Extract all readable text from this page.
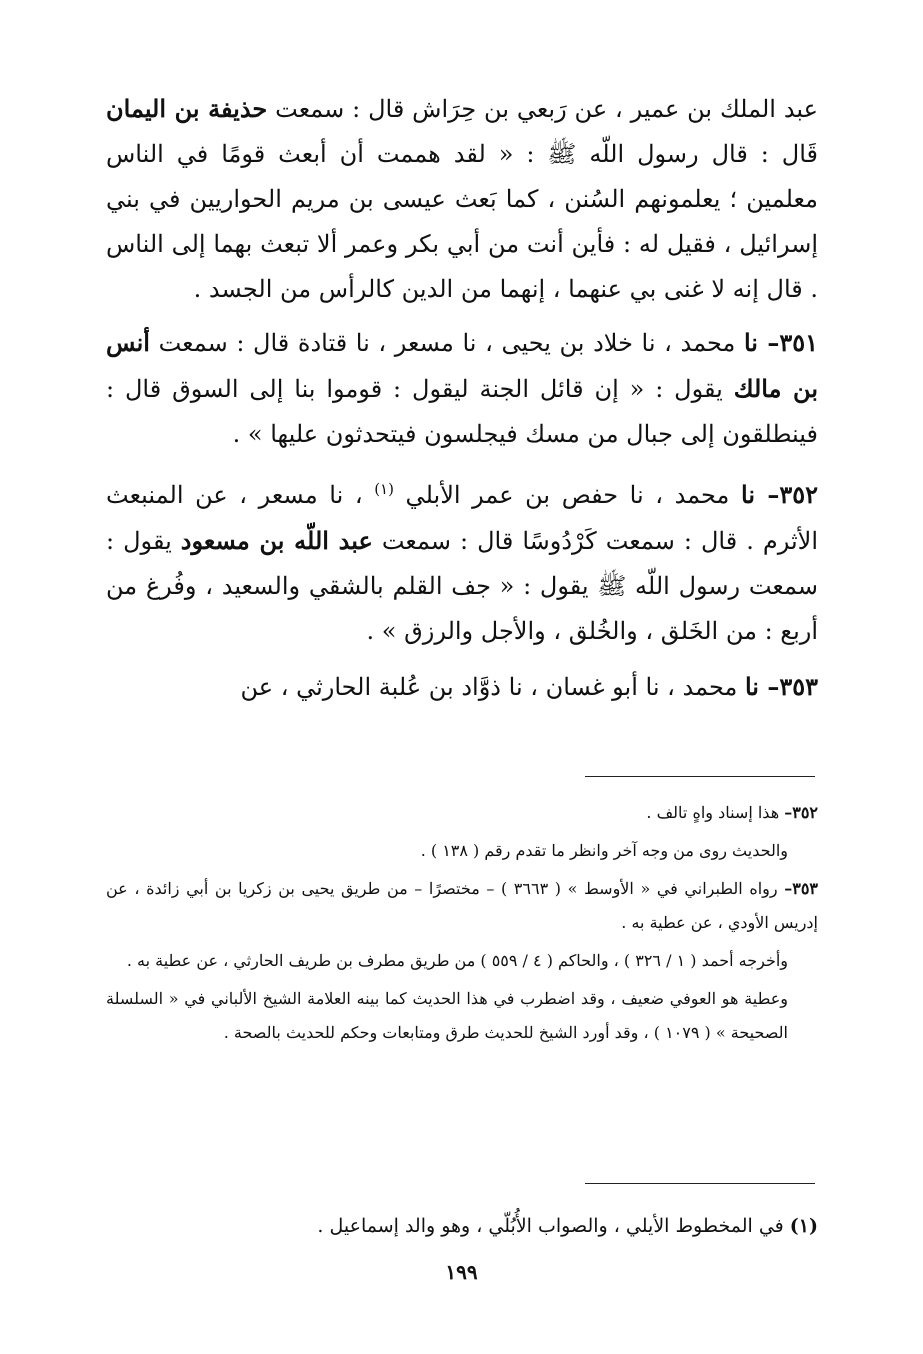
عبد الملك بن عمير ، عن رَبعي بن حِرَاش قال : سمعت حذيفة بن اليمان قَال : قال رسول اللّه ﷺ : « لقد هممت أن أبعث قومًا في الناس معلمين ؛ يعلمونهم السُنن ، كما بَعث عيسى بن مريم الحواريين في بني إسرائيل ، فقيل له : فأين أنت من أبي بكر وعمر ألا تبعث بهما إلى الناس . قال إنه لا غنى بي عنهما ، إنهما من الدين كالرأس من الجسد .

٣٥١– نا محمد ، نا خلاد بن يحيى ، نا مسعر ، نا قتادة قال : سمعت أنس بن مالك يقول : « إن قائل الجنة ليقول : قوموا بنا إلى السوق قال : فينطلقون إلى جبال من مسك فيجلسون فيتحدثون عليها » .

٣٥٢– نا محمد ، نا حفص بن عمر الأبلي $^{(١)}$ ، نا مسعر ، عن المنبعث الأثرم . قال : سمعت كَرْدُوسًا قال : سمعت عبد اللّه بن مسعود يقول : سمعت رسول اللّه ﷺ يقول : « جف القلم بالشقي والسعيد ، وفُرغ من أربع : من الخَلق ، والخُلق ، والأجل والرزق » .

٣٥٣– نا محمد ، نا أبو غسان ، نا ذوَّاد بن عُلبة الحارثي ، عن

٣٥٢– هذا إسناد واهٍ تالف .

والحديث روى من وجه آخر وانظر ما تقدم رقم ( ١٣٨ ) .

٣٥٣– رواه الطبراني في « الأوسط » ( ٣٦٦٣ ) – مختصرًا – من طريق يحيى بن زكريا بن أبي زائدة ، عن إدريس الأودي ، عن عطية به .

وأخرجه أحمد ( ١ / ٣٢٦ ) ، والحاكم ( ٤ / ٥٥٩ ) من طريق مطرف بن طريف الحارثي ، عن عطية به .

وعطية هو العوفي ضعيف ، وقد اضطرب في هذا الحديث كما بينه العلامة الشيخ الألباني في « السلسلة الصحيحة » ( ١٠٧٩ ) ، وقد أورد الشيخ للحديث طرق ومتابعات وحكم للحديث بالصحة .

(١) في المخطوط الأيلي ، والصواب الأُبُلّي ، وهو والد إسماعيل .
١٩٩
